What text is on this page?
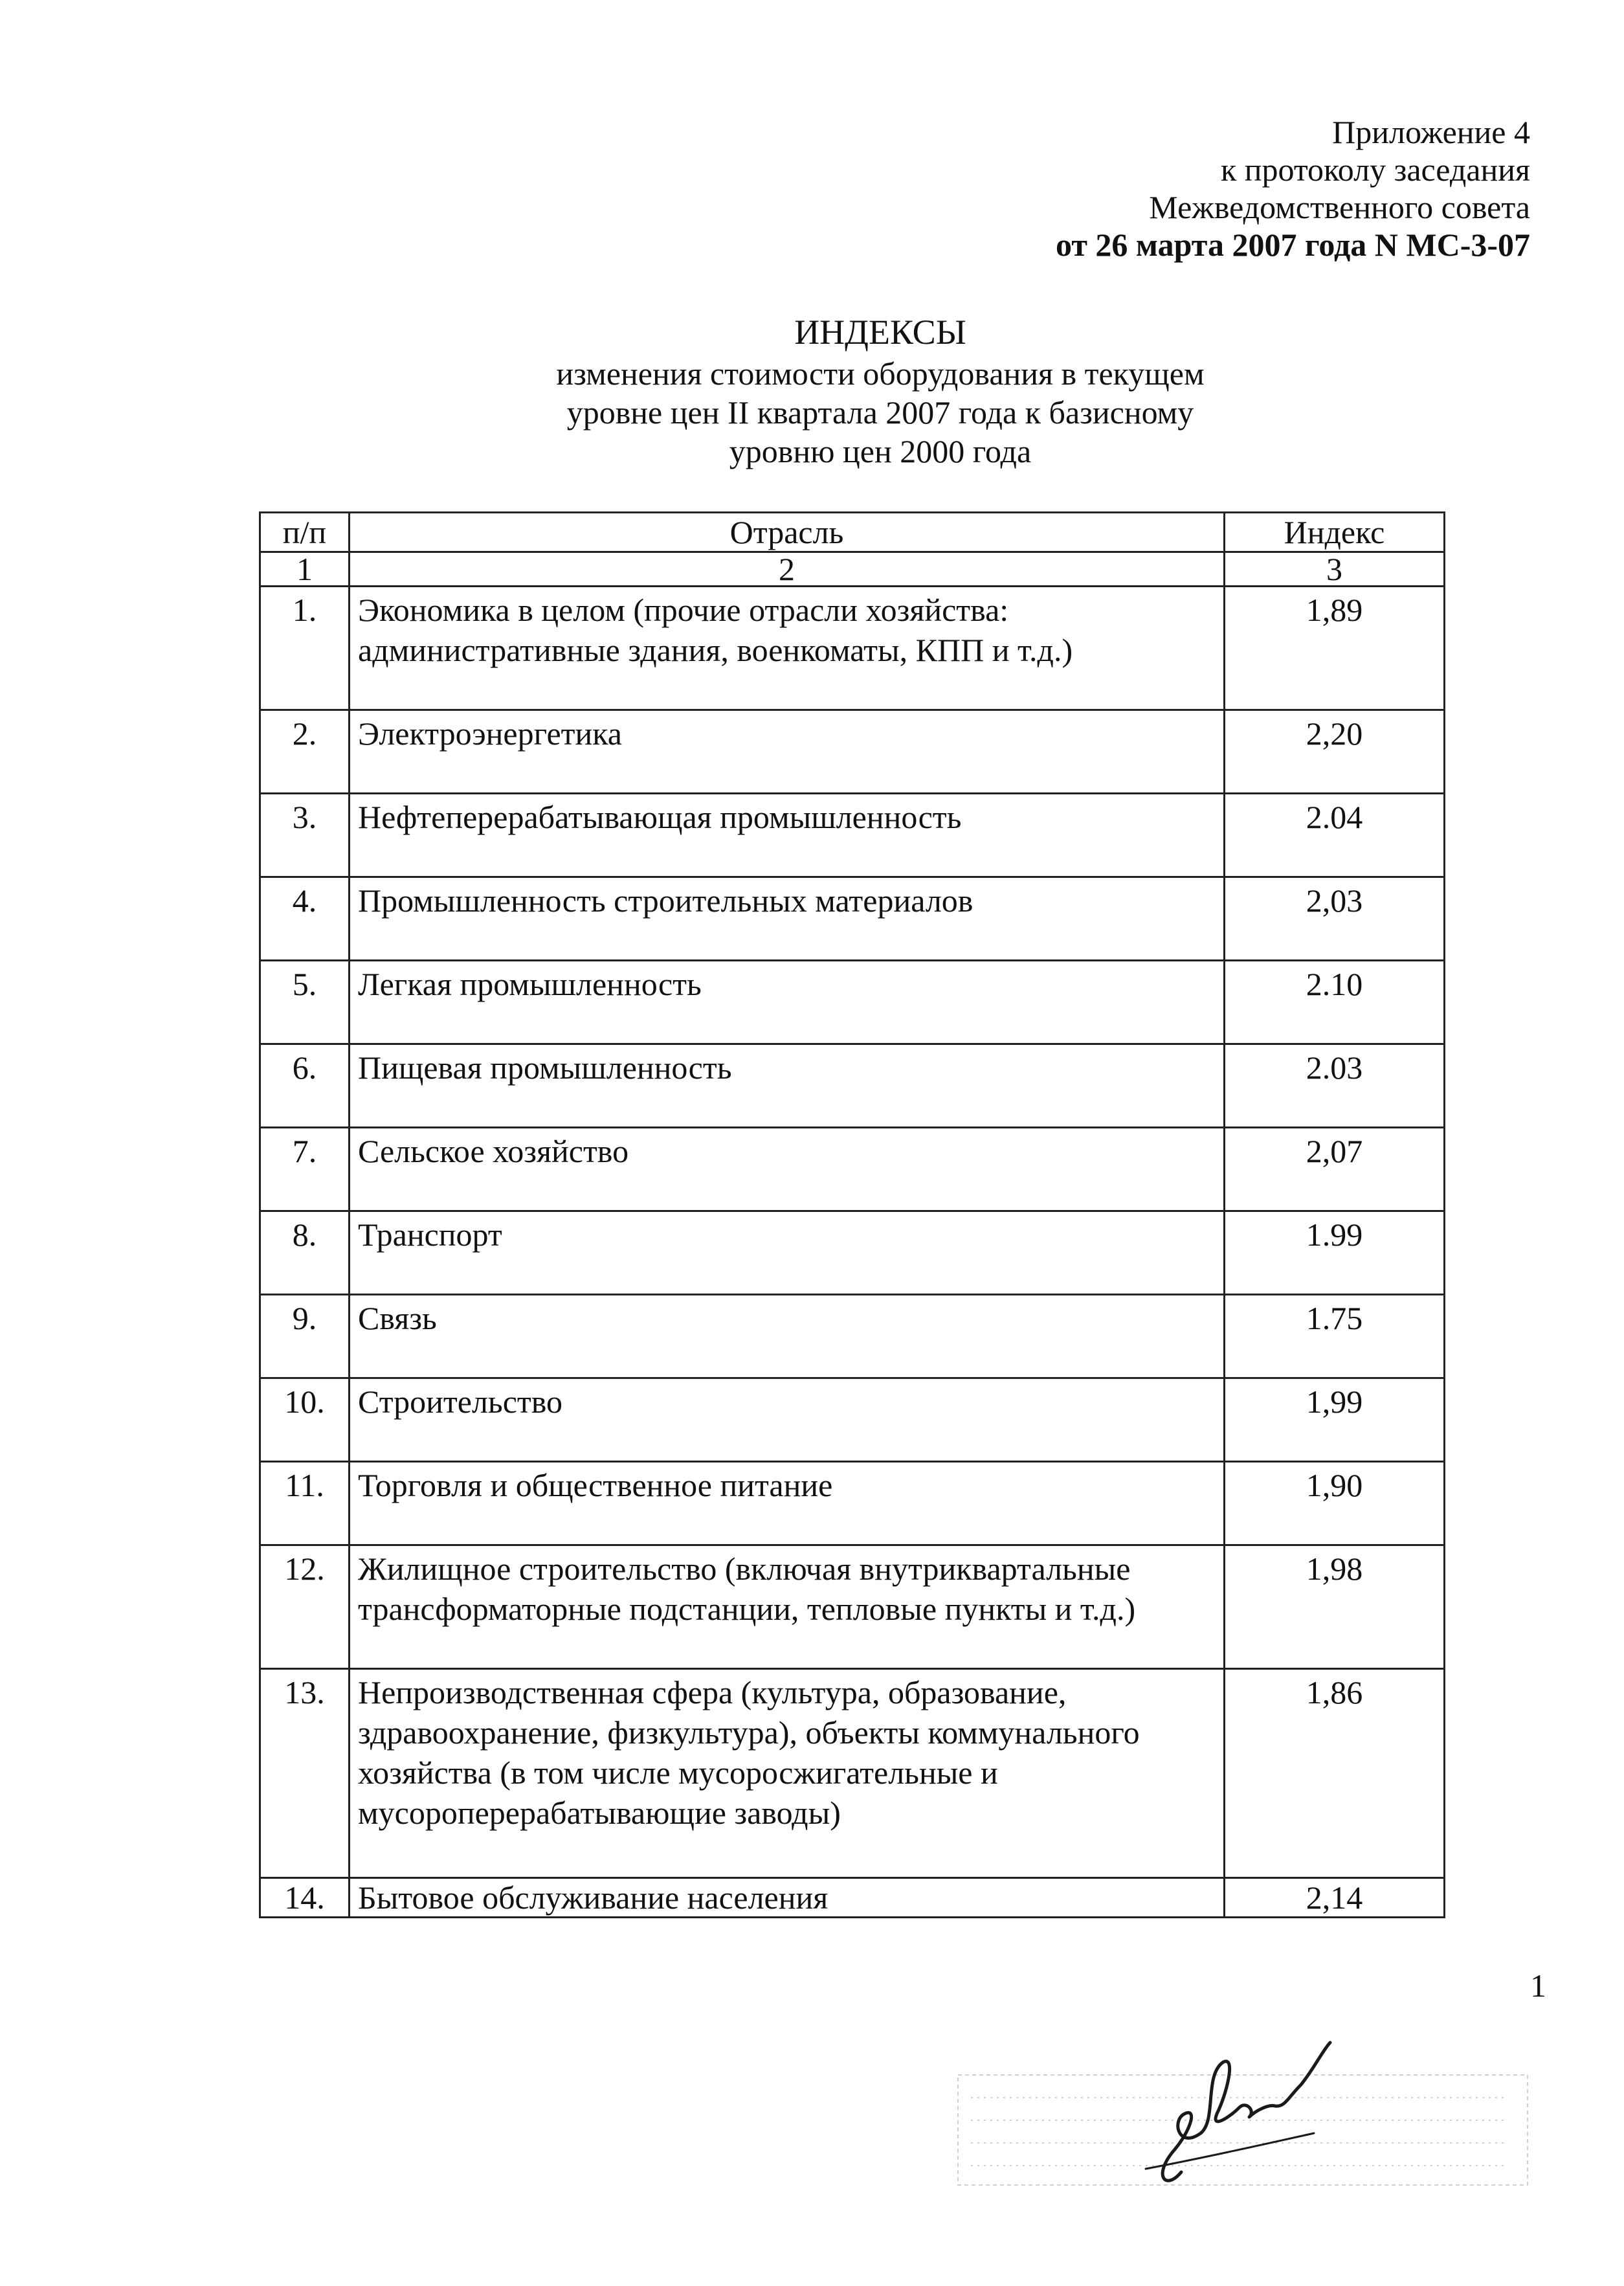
Приложение 4
к протоколу заседания
Межведомственного совета
от 26 марта 2007 года N МС-3-07
ИНДЕКСЫ
изменения стоимости оборудования в текущем
уровне цен II квартала 2007 года к базисному
уровню цен 2000 года
п/п	Отрасль	Индекс
1	2	3
1.	Экономика в целом (прочие отрасли хозяйства: административные здания, военкоматы, КПП и т.д.)	1,89
2.	Электроэнергетика	2,20
3.	Нефтеперерабатывающая промышленность	2.04
4.	Промышленность строительных материалов	2,03
5.	Легкая промышленность	2.10
6.	Пищевая промышленность	2.03
7.	Сельское хозяйство	2,07
8.	Транспорт	1.99
9.	Связь	1.75
10.	Строительство	1,99
11.	Торговля и общественное питание	1,90
12.	Жилищное строительство (включая внутриквартальные трансформаторные подстанции, тепловые пункты и т.д.)	1,98
13.	Непроизводственная сфера (культура, образование, здравоохранение, физкультура), объекты коммунального хозяйства (в том числе мусоросжигательные и мусороперерабатывающие заводы)	1,86
14.	Бытовое обслуживание населения	2,14
1
